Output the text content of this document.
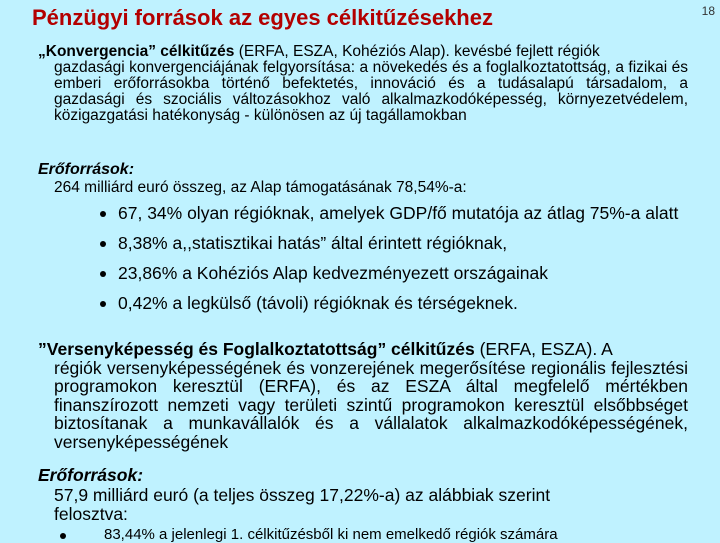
Pénzügyi források az egyes célkitűzésekhez	18
„Konvergencia” célkitűzés (ERFA, ESZA, Kohéziós Alap). kevésbé fejlett régiók
gazdasági konvergenciájának felgyorsítása: a növekedés és a foglalkoztatottság, a fizikai és emberi erőforrásokba történő befektetés, innováció és a tudásalapú társadalom, a gazdasági és szociális változásokhoz való alkalmazkodóképesség, környezetvédelem, közigazgatási hatékonyság - különösen az új tagállamokban
Erőforrások:
264 milliárd euró összeg, az Alap támogatásának 78,54%-a:
67, 34% olyan régióknak, amelyek GDP/fő mutatója az átlag 75%-a alatt
8,38% a,,statisztikai hatás” által érintett régióknak,
23,86% a Kohéziós Alap kedvezményezett országainak
0,42% a legkülső (távoli) régióknak és térségeknek.
”Versenyképesség és Foglalkoztatottság” célkitűzés (ERFA, ESZA). A
régiók versenyképességének és vonzerejének megerősítése regionális fejlesztési programokon keresztül (ERFA), és az ESZA által megfelelő mértékben finanszírozott nemzeti vagy területi szintű programokon keresztül elsőbbséget biztosítanak a munkavállalók és a vállalatok alkalmazkodóképességének, versenyképességének
Erőforrások:
57,9 milliárd euró (a teljes összeg 17,22%-a) az alábbiak szerint felosztva:
83,44% a jelenlegi 1. célkitűzésből ki nem emelkedő régiók számára
